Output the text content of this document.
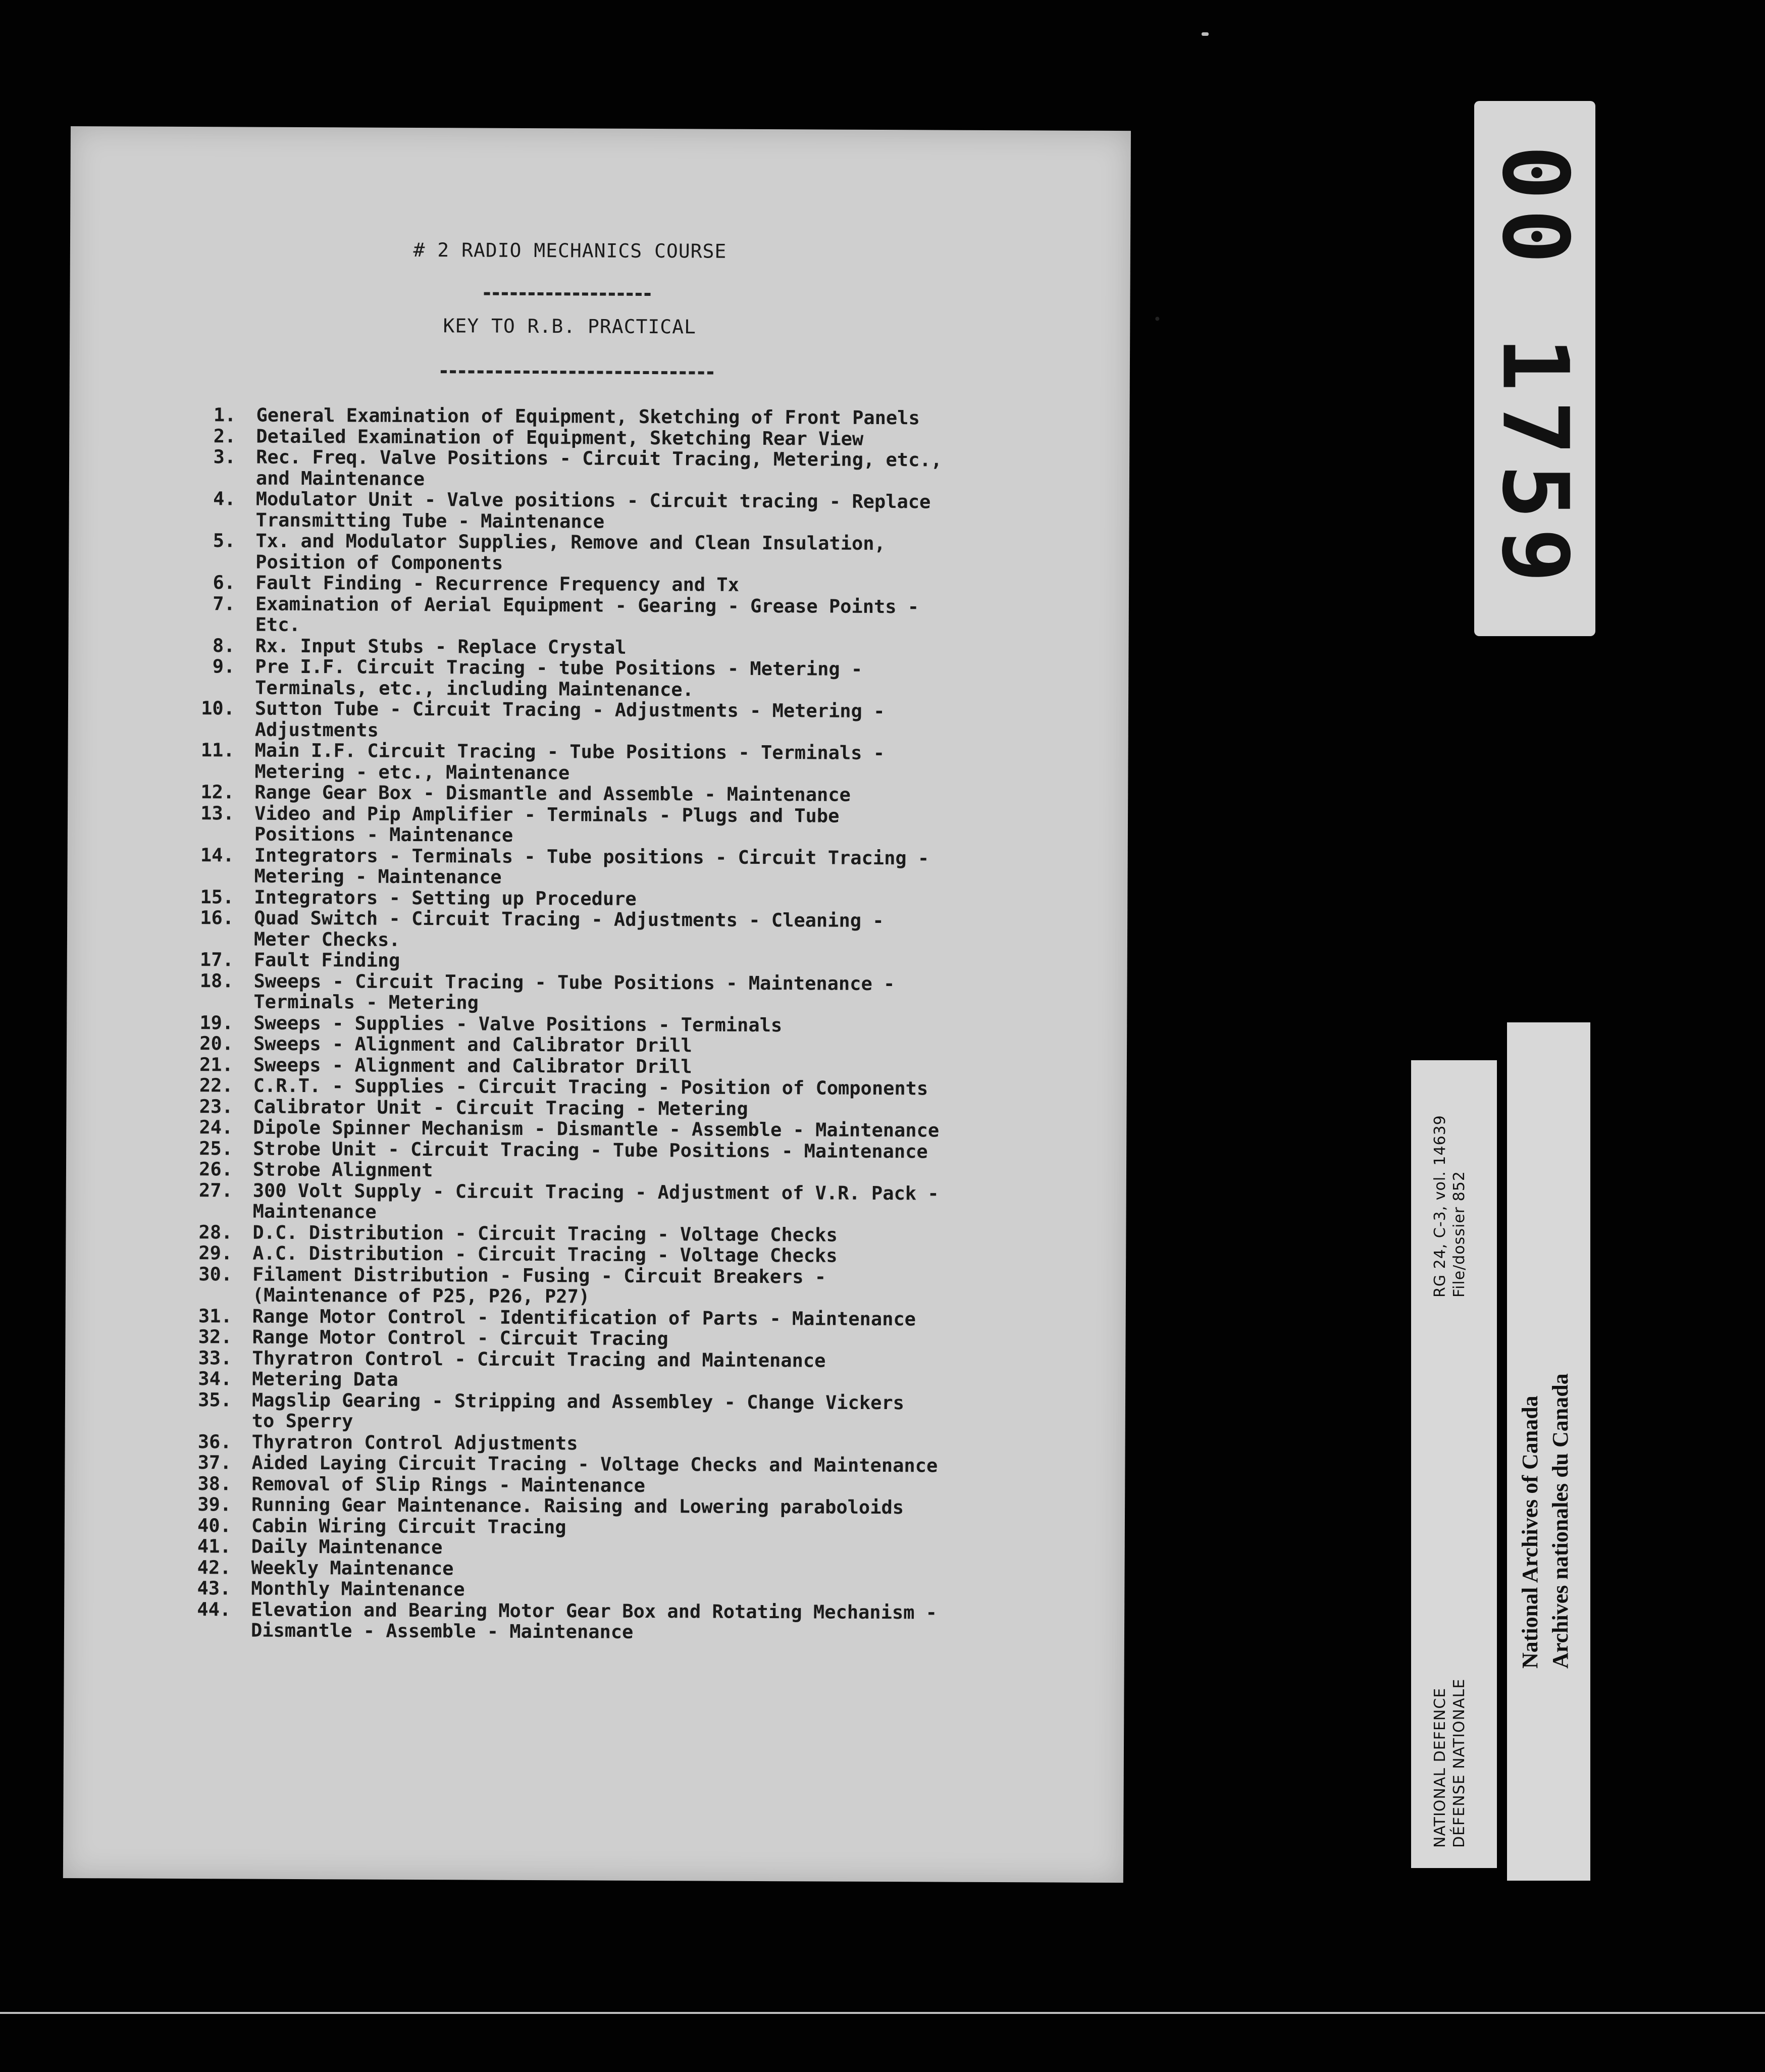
# 2 RADIO MECHANICS COURSE
KEY TO R.B. PRACTICAL
1.	General Examination of Equipment, Sketching of Front Panels
2.	Detailed Examination of Equipment, Sketching Rear View
3.	Rec. Freq. Valve Positions - Circuit Tracing, Metering, etc.,
and Maintenance
4.	Modulator Unit - Valve positions - Circuit tracing - Replace
Transmitting Tube - Maintenance
5.	Tx. and Modulator Supplies, Remove and Clean Insulation,
Position of Components
6.	Fault Finding - Recurrence Frequency and Tx
7.	Examination of Aerial Equipment - Gearing - Grease Points -
Etc.
8.	Rx. Input Stubs - Replace Crystal
9.	Pre I.F. Circuit Tracing - tube Positions - Metering -
Terminals, etc., including Maintenance.
10.	Sutton Tube - Circuit Tracing - Adjustments - Metering -
Adjustments
11.	Main I.F. Circuit Tracing - Tube Positions - Terminals -
Metering - etc., Maintenance
12.	Range Gear Box - Dismantle and Assemble - Maintenance
13.	Video and Pip Amplifier - Terminals - Plugs and Tube
Positions - Maintenance
14.	Integrators - Terminals - Tube positions - Circuit Tracing -
Metering - Maintenance
15.	Integrators - Setting up Procedure
16.	Quad Switch - Circuit Tracing - Adjustments - Cleaning -
Meter Checks.
17.	Fault Finding
18.	Sweeps - Circuit Tracing - Tube Positions - Maintenance -
Terminals - Metering
19.	Sweeps - Supplies - Valve Positions - Terminals
20.	Sweeps - Alignment and Calibrator Drill
21.	Sweeps - Alignment and Calibrator Drill
22.	C.R.T. - Supplies - Circuit Tracing - Position of Components
23.	Calibrator Unit - Circuit Tracing - Metering
24.	Dipole Spinner Mechanism - Dismantle - Assemble - Maintenance
25.	Strobe Unit - Circuit Tracing - Tube Positions - Maintenance
26.	Strobe Alignment
27.	300 Volt Supply - Circuit Tracing - Adjustment of V.R. Pack -
Maintenance
28.	D.C. Distribution - Circuit Tracing - Voltage Checks
29.	A.C. Distribution - Circuit Tracing - Voltage Checks
30.	Filament Distribution - Fusing - Circuit Breakers -
(Maintenance of P25, P26, P27)
31.	Range Motor Control - Identification of Parts - Maintenance
32.	Range Motor Control - Circuit Tracing
33.	Thyratron Control - Circuit Tracing and Maintenance
34.	Metering Data
35.	Magslip Gearing - Stripping and Assembley - Change Vickers
to Sperry
36.	Thyratron Control Adjustments
37.	Aided Laying Circuit Tracing - Voltage Checks and Maintenance
38.	Removal of Slip Rings - Maintenance
39.	Running Gear Maintenance. Raising and Lowering paraboloids
40.	Cabin Wiring Circuit Tracing
41.	Daily Maintenance
42.	Weekly Maintenance
43.	Monthly Maintenance
44.	Elevation and Bearing Motor Gear Box and Rotating Mechanism -
Dismantle - Assemble - Maintenance
00 1759
NATIONAL DEFENCE DÉFENSE NATIONALE
RG 24, C-3, vol. 14639 File/dossier 852
National Archives of Canada Archives nationales du Canada
